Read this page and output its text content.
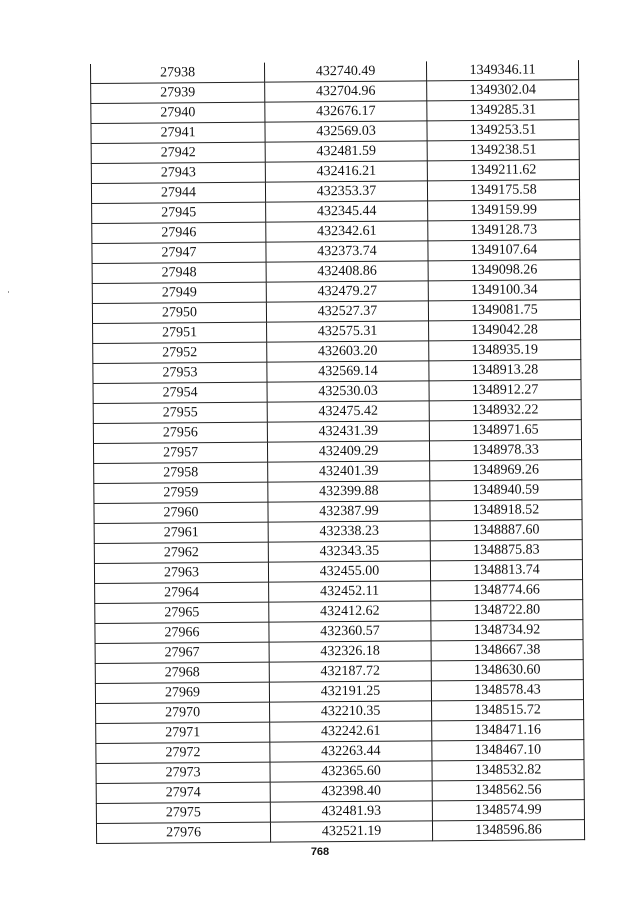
27938	432740.49	1349346.11
27939	432704.96	1349302.04
27940	432676.17	1349285.31
27941	432569.03	1349253.51
27942	432481.59	1349238.51
27943	432416.21	1349211.62
27944	432353.37	1349175.58
27945	432345.44	1349159.99
27946	432342.61	1349128.73
27947	432373.74	1349107.64
27948	432408.86	1349098.26
27949	432479.27	1349100.34
27950	432527.37	1349081.75
27951	432575.31	1349042.28
27952	432603.20	1348935.19
27953	432569.14	1348913.28
27954	432530.03	1348912.27
27955	432475.42	1348932.22
27956	432431.39	1348971.65
27957	432409.29	1348978.33
27958	432401.39	1348969.26
27959	432399.88	1348940.59
27960	432387.99	1348918.52
27961	432338.23	1348887.60
27962	432343.35	1348875.83
27963	432455.00	1348813.74
27964	432452.11	1348774.66
27965	432412.62	1348722.80
27966	432360.57	1348734.92
27967	432326.18	1348667.38
27968	432187.72	1348630.60
27969	432191.25	1348578.43
27970	432210.35	1348515.72
27971	432242.61	1348471.16
27972	432263.44	1348467.10
27973	432365.60	1348532.82
27974	432398.40	1348562.56
27975	432481.93	1348574.99
27976	432521.19	1348596.86
768
